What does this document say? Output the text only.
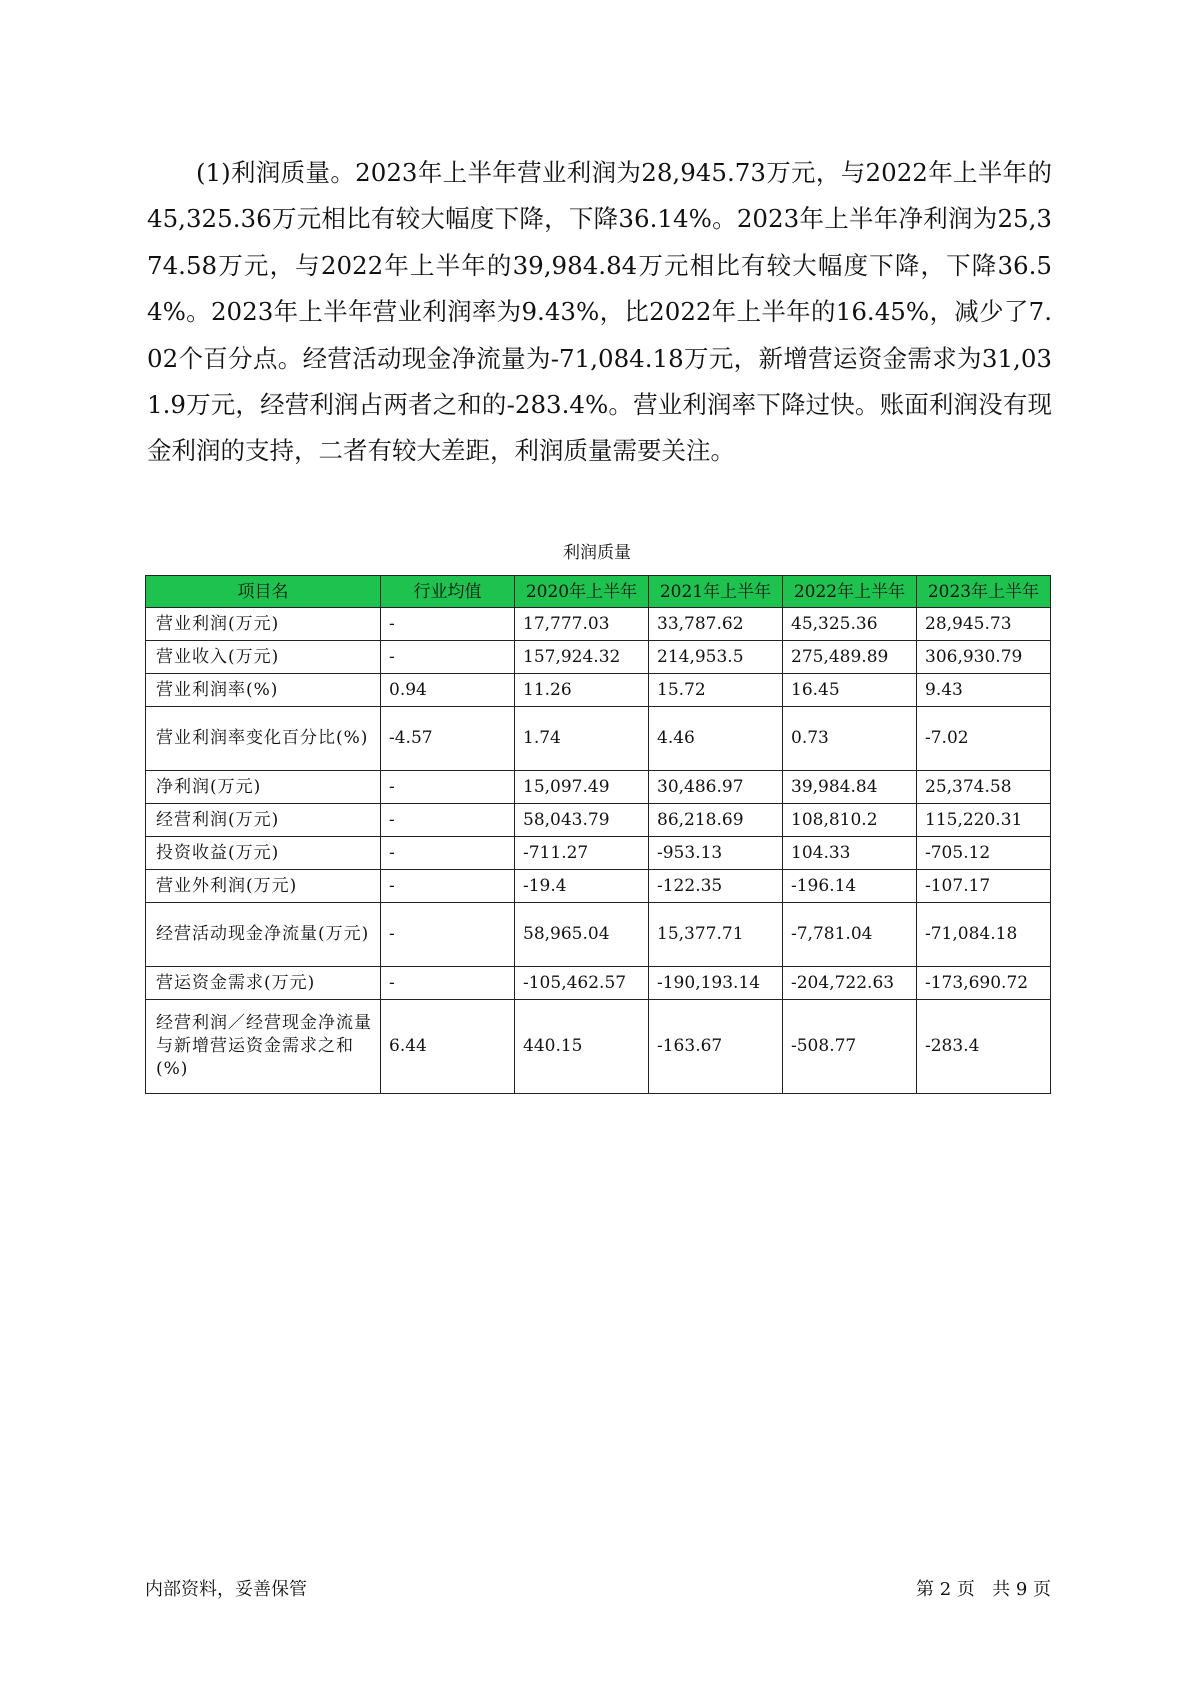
(1)利润质量。2023年上半年营业利润为28,945.73万元，与2022年上半年的45,325.36万元相比有较大幅度下降，下降36.14%。2023年上半年净利润为25,374.58万元，与2022年上半年的39,984.84万元相比有较大幅度下降，下降36.54%。2023年上半年营业利润率为9.43%，比2022年上半年的16.45%，减少了7.02个百分点。经营活动现金净流量为-71,084.18万元，新增营运资金需求为31,031.9万元，经营利润占两者之和的-283.4%。营业利润率下降过快。账面利润没有现金利润的支持，二者有较大差距，利润质量需要关注。

利润质量
项目名	行业均值	2020年上半年	2021年上半年	2022年上半年	2023年上半年
营业利润(万元)	-	17,777.03	33,787.62	45,325.36	28,945.73
营业收入(万元)	-	157,924.32	214,953.5	275,489.89	306,930.79
营业利润率(%)	0.94	11.26	15.72	16.45	9.43
营业利润率变化百分比(%)	-4.57	1.74	4.46	0.73	-7.02
净利润(万元)	-	15,097.49	30,486.97	39,984.84	25,374.58
经营利润(万元)	-	58,043.79	86,218.69	108,810.2	115,220.31
投资收益(万元)	-	-711.27	-953.13	104.33	-705.12
营业外利润(万元)	-	-19.4	-122.35	-196.14	-107.17
经营活动现金净流量(万元)	-	58,965.04	15,377.71	-7,781.04	-71,084.18
营运资金需求(万元)	-	-105,462.57	-190,193.14	-204,722.63	-173,690.72
经营利润／经营现金净流量与新增营运资金需求之和(%)	6.44	440.15	-163.67	-508.77	-283.4
内部资料，妥善保管	第 2 页   共 9 页
